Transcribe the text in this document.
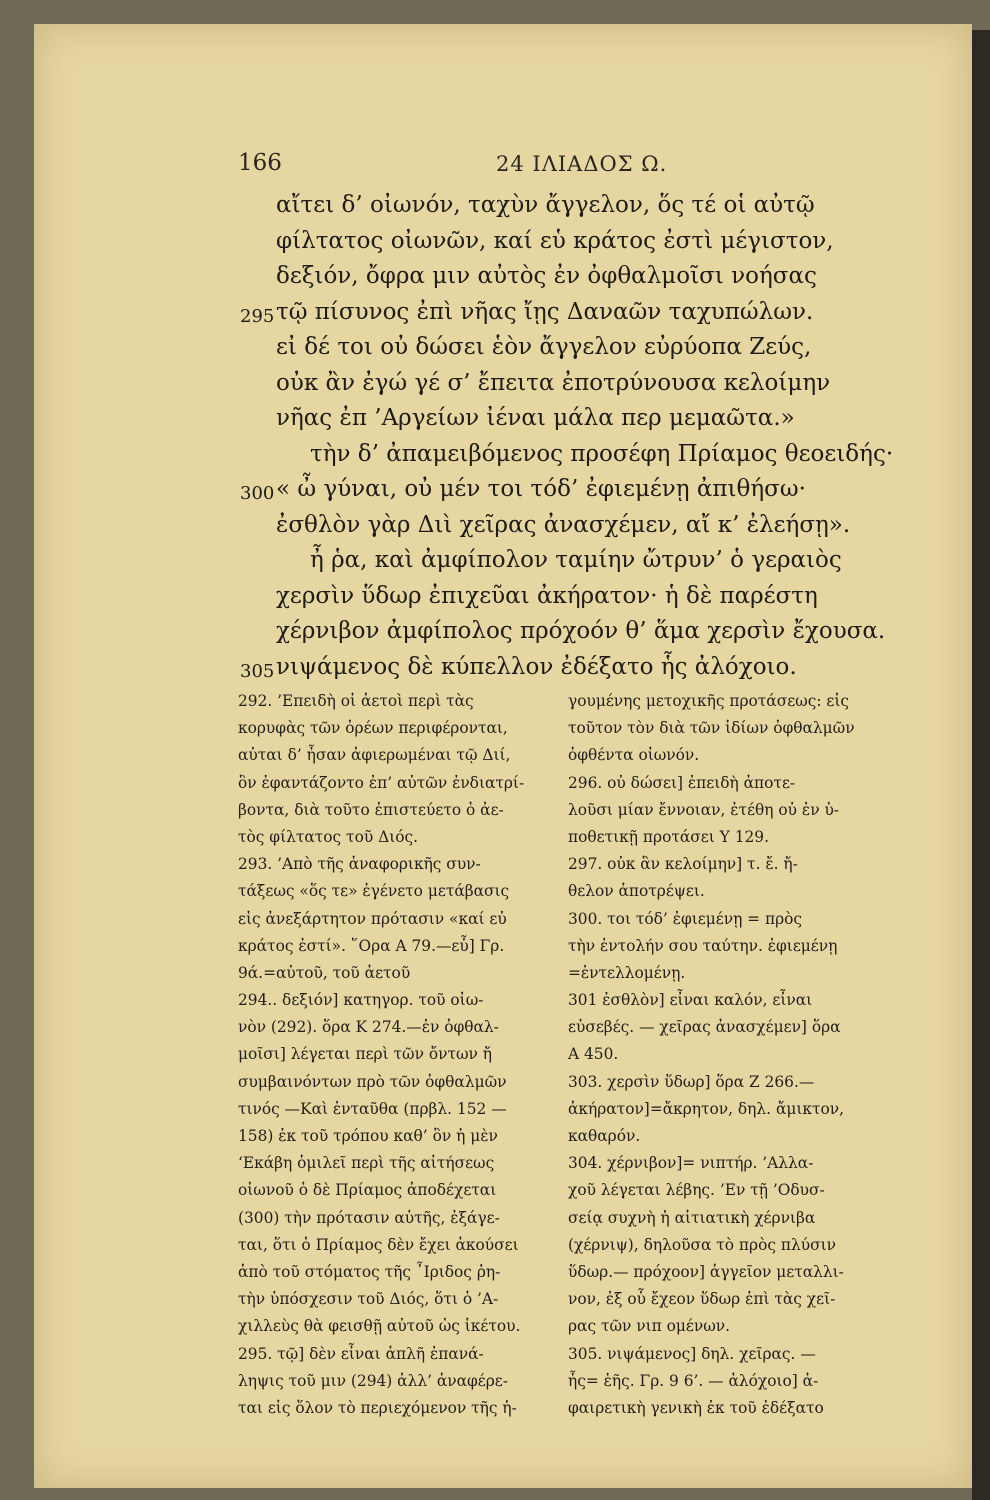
166	24 ΙΛΙΑΔΟΣ Ω.
αἴτει δ’ οἰωνόν, ταχὺν ἄγγελον, ὅς τέ οἱ αὐτῷ
φίλτατος οἰωνῶν, καί εὑ κράτος ἐστὶ μέγιστον,
δεξιόν, ὄφρα μιν αὐτὸς ἐν ὀφθαλμοῖσι νοήσας
295 τῷ πίσυνος ἐπὶ νῆας ἴῃς Δαναῶν ταχυπώλων.
εἰ δέ τοι οὐ δώσει ἑὸν ἄγγελον εὐρύοπα Ζεύς,
οὐκ ἂν ἐγώ γέ σ’ ἔπειτα ἐποτρύνουσα κελοίμην
νῆας ἐπ ’Αργείων ἰέναι μάλα περ μεμαῶτα.»
τὴν δ’ ἀπαμειβόμενος προσέφη Πρίαμος θεοειδής·
300 « ὦ γύναι, οὐ μέν τοι τόδ’ ἐφιεμένῃ ἀπιθήσω·
ἐσθλὸν γὰρ Διὶ χεῖρας ἀνασχέμεν, αἴ κ’ ἐλεήσῃ».
ἦ ῥα, καὶ ἀμφίπολον ταμίην ὤτρυν’ ὁ γεραιὸς
χερσὶν ὕδωρ ἐπιχεῦαι ἀκήρατον· ἡ δὲ παρέστη
χέρνιβον ἀμφίπολος πρόχοόν θ’ ἅμα χερσὶν ἔχουσα.
305 νιψάμενος δὲ κύπελλον ἐδέξατο ἧς ἀλόχοιο.
292. ’Επειδὴ οἱ ἀετοὶ περὶ τὰς
κορυφὰς τῶν ὀρέων περιφέρονται,
αὐται δ’ ἦσαν ἀφιερωμέναι τῷ Διί,
ὃν ἐφαντάζοντο ἐπ’ αὐτῶν ἐνδιατρί-
βοντα, διὰ τοῦτο ἐπιστεύετο ὁ ἀε-
τὸς φίλτατος τοῦ Διός.
293. ’Απὸ τῆς ἀναφορικῆς συν-
τάξεως «ὅς τε» ἐγένετο μετάβασις
εἰς ἀνεξάρτητον πρότασιν «καί εὐ
κράτος ἐστί». ῞Ορα Α 79.—εὖ] Γρ.
9ά.=αὐτοῦ, τοῦ ἀετοῦ
294.. δεξιόν] κατηγορ. τοῦ οἰω-
νὸν (292). ὅρα Κ 274.—ἐν ὀφθαλ-
μοῖσι] λέγεται περὶ τῶν ὄντων ἤ
συμβαινόντων πρὸ τῶν ὀφθαλμῶν
τινός —Καὶ ἐνταῦθα (πρβλ. 152 —
158) ἐκ τοῦ τρόπου καθ’ ὃν ἡ μὲν
‘Εκάβη ὁμιλεῖ περὶ τῆς αἰτήσεως
οἰωνοῦ ὁ δὲ Πρίαμος ἀποδέχεται
(300) τὴν πρότασιν αὐτῆς, ἐξάγε-
ται, ὅτι ὁ Πρίαμος δὲν ἔχει ἀκούσει
ἀπὸ τοῦ στόματος τῆς ῏Ιριδος ῥη-
τὴν ὑπόσχεσιν τοῦ Διός, ὅτι ὁ ’Α-
χιλλεὺς θὰ φεισθῇ αὐτοῦ ὡς ἱκέτου.
295. τῷ] δὲν εἶναι ἁπλῆ ἐπανά-
ληψις τοῦ μιν (294) ἀλλ’ ἀναφέρε-
ται εἰς ὅλον τὸ περιεχόμενον τῆς ἡ-
γουμένης μετοχικῆς προτάσεως: εἰς
τοῦτον τὸν διὰ τῶν ἰδίων ὀφθαλμῶν
ὀφθέντα οἰωνόν.
296. οὐ δώσει] ἐπειδὴ ἀποτε-
λοῦσι μίαν ἔννοιαν, ἐτέθη οὐ ἐν ὑ-
ποθετικῇ προτάσει Υ 129.
297. οὐκ ἂν κελοίμην] τ. ἔ. ἤ-
θελον ἀποτρέψει.
300. τοι τόδ’ ἐφιεμένῃ = πρὸς
τὴν ἐντολήν σου ταύτην. ἐφιεμένῃ
=ἐντελλομένῃ.
301 ἐσθλὸν] εἶναι καλόν, εἶναι
εὐσεβές. — χεῖρας ἀνασχέμεν] ὅρα
Α 450.
303. χερσὶν ὕδωρ] ὅρα Ζ 266.—
ἀκήρατον]=ἄκρητον, δηλ. ἄμικτον,
καθαρόν.
304. χέρνιβον]= νιπτήρ. ’Αλλα-
χοῦ λέγεται λέβης. ’Εν τῇ ’Οδυσ-
σείᾳ συχνὴ ἡ αἰτιατικὴ χέρνιβα
(χέρνιψ), δηλοῦσα τὸ πρὸς πλύσιν
ὕδωρ.— πρόχοον] ἀγγεῖον μεταλλι-
νον, ἐξ οὗ ἔχεον ὕδωρ ἐπὶ τὰς χεῖ-
ρας τῶν νιπ ομένων.
305. νιψάμενος] δηλ. χεῖρας. —
ἧς= ἑῆς. Γρ. 9 6’. — ἀλόχοιο] ἀ-
φαιρετικὴ γενικὴ ἐκ τοῦ ἐδέξατο
